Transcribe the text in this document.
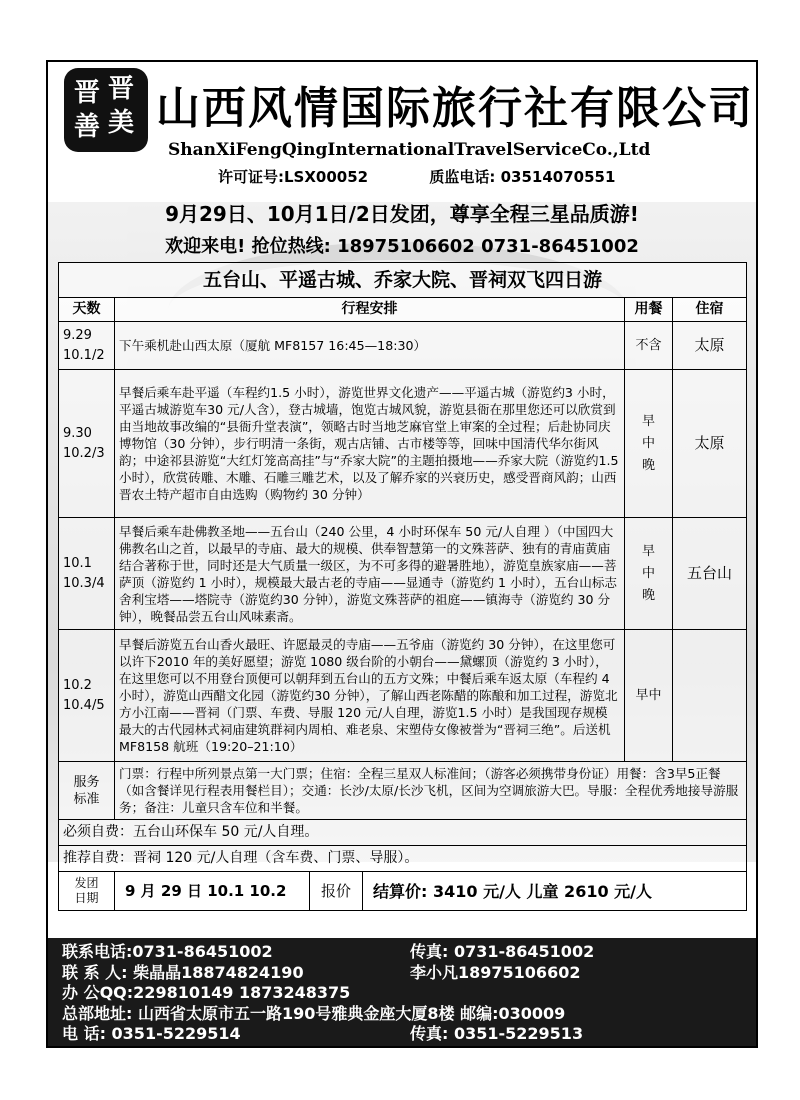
晋 晋
善 美 山西风情国际旅行社有限公司
ShanXiFengQingInternationalTravelServiceCo.,Ltd
许可证号:LSX00052	质监电话: 03514070551
9月29日、10月1日/2日发团，尊享全程三星品质游!
欢迎来电! 抢位热线: 18975106602 0731-86451002
五台山、平遥古城、乔家大院、晋祠双飞四日游
天数	行程安排	用餐	住宿
9.29
10.1/2	下午乘机赴山西太原（厦航 MF8157 16:45—18:30）	不含	太原
9.30
10.2/3	早餐后乘车赴平遥（车程约1.5 小时），游览世界文化遗产——平遥古城（游览约3 小时，平遥古城游览车30 元/人含），登古城墙，饱览古城风貌，游览县衙在那里您还可以欣赏到由当地故事改编的“县衙升堂表演”，领略古时当地芝麻官堂上审案的全过程；后赴协同庆博物馆（30 分钟），步行明清一条街，观古店铺、古市楼等等，回味中国清代华尔街风韵；中途祁县游览“大红灯笼高高挂”与“乔家大院”的主题拍摄地——乔家大院（游览约1.5 小时），欣赏砖雕、木雕、石雕三雕艺术，以及了解乔家的兴衰历史，感受晋商风韵；山西晋农土特产超市自由选购（购物约 30 分钟）	早
中
晚	太原
10.1
10.3/4	早餐后乘车赴佛教圣地——五台山（240 公里，4 小时环保车 50 元/人自理 ）（中国四大佛教名山之首，以最早的寺庙、最大的规模、供奉智慧第一的文殊菩萨、独有的青庙黄庙结合著称于世，同时还是大气质量一级区，为不可多得的避暑胜地），游览皇族家庙——菩萨顶（游览约 1 小时），规模最大最古老的寺庙——显通寺（游览约 1 小时），五台山标志舍利宝塔——塔院寺（游览约30 分钟），游览文殊菩萨的祖庭——镇海寺（游览约 30 分钟），晚餐品尝五台山风味素斋。	早
中
晚	五台山
10.2
10.4/5	早餐后游览五台山香火最旺、许愿最灵的寺庙——五爷庙（游览约 30 分钟），在这里您可以许下2010 年的美好愿望；游览 1080 级台阶的小朝台——黛螺顶（游览约 3 小时），在这里您可以不用登台顶便可以朝拜到五台山的五方文殊；中餐后乘车返太原（车程约 4 小时），游览山西醋文化园（游览约30 分钟），了解山西老陈醋的陈酿和加工过程，游览北方小江南——晋祠（门票、车费、导服 120 元/人自理，游览1.5 小时）是我国现存规模最大的古代园林式祠庙建筑群祠内周柏、难老泉、宋塑侍女像被誉为“晋祠三绝”。后送机 MF8158 航班（19:20–21:10）	早中	
服务
标准	门票：行程中所列景点第一大门票；住宿：全程三星双人标准间；（游客必须携带身份证）用餐：含3早5正餐（如含餐详见行程表用餐栏目）；交通：长沙/太原/长沙飞机，区间为空调旅游大巴。导服：全程优秀地接导游服务；备注：儿童只含车位和半餐。
必须自费：五台山环保车 50 元/人自理。
推荐自费：晋祠 120 元/人自理（含车费、门票、导服）。
发团
日期	9 月 29 日 10.1 10.2	报价	结算价: 3410 元/人 儿童 2610 元/人
联系电话:0731-86451002	传真: 0731-86451002
联 系 人: 柴晶晶18874824190	李小凡18975106602
办 公QQ:229810149 1873248375
总部地址: 山西省太原市五一路190号雅典金座大厦8楼 邮编:030009
电 话: 0351-5229514	传真: 0351-5229513
